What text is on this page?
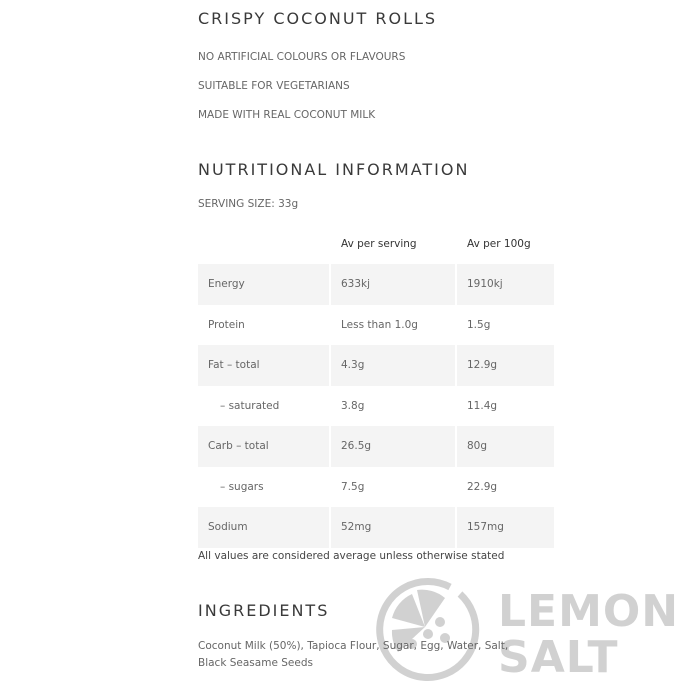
CRISPY COCONUT ROLLS
NO ARTIFICIAL COLOURS OR FLAVOURS
SUITABLE FOR VEGETARIANS
MADE WITH REAL COCONUT MILK
NUTRITIONAL INFORMATION
SERVING SIZE: 33g
	Av per serving	Av per 100g
Energy	633kj	1910kj
Protein	Less than 1.0g	1.5g
Fat – total	4.3g	12.9g
– saturated	3.8g	11.4g
Carb – total	26.5g	80g
– sugars	7.5g	22.9g
Sodium	52mg	157mg
All values are considered average unless otherwise stated
LEMON
SALT
INGREDIENTS
Coconut Milk (50%), Tapioca Flour, Sugar, Egg, Water, Salt, Black Seasame Seeds
